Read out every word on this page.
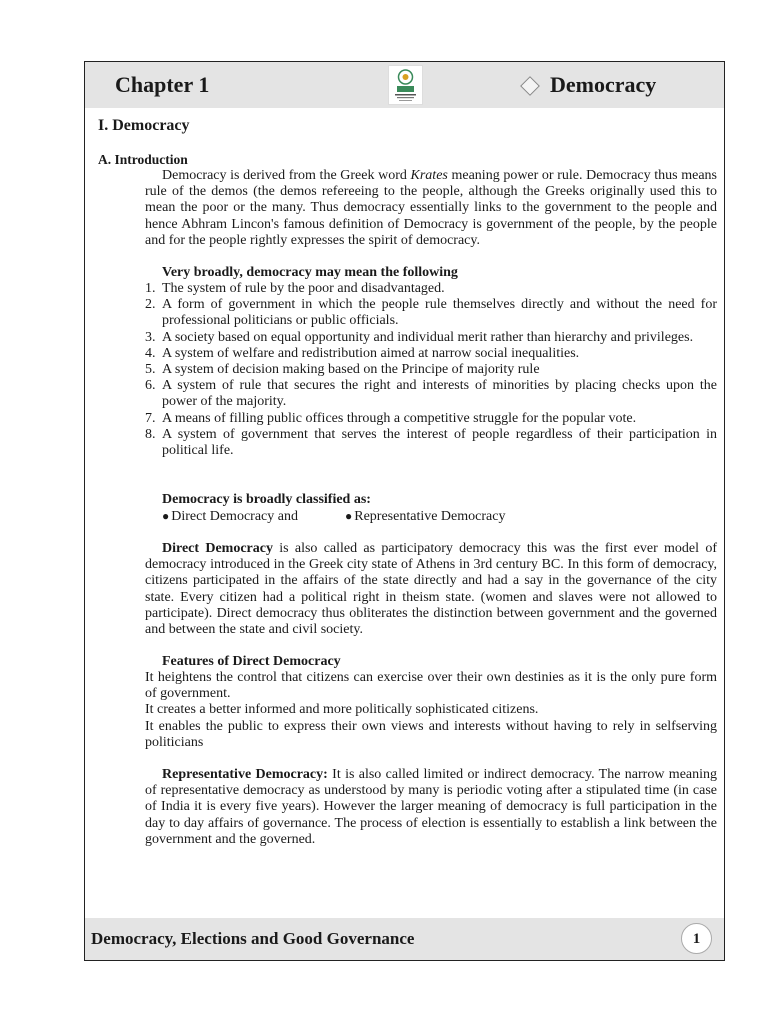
Chapter 1	Democracy
I. Democracy
A. Introduction
Democracy is derived from the Greek word Krates meaning power or rule. Democracy thus means rule of the demos (the demos refereeing to the people, although the Greeks originally used this to mean the poor or the many. Thus democracy essentially links to the government to the people and hence Abhram Lincon's famous definition of Democracy is government of the people, by the people and for the people rightly expresses the spirit of democracy.
Very broadly, democracy may mean the following
1. The system of rule by the poor and disadvantaged.
2. A form of government in which the people rule themselves directly and without the need for professional politicians or public officials.
3. A society based on equal opportunity and individual merit rather than hierarchy and privileges.
4. A system of welfare and redistribution aimed at narrow social inequalities.
5. A system of decision making based on the Principe of majority rule
6. A system of rule that secures the right and interests of minorities by placing checks upon the power of the majority.
7. A means of filling public offices through a competitive struggle for the popular vote.
8. A system of government that serves the interest of people regardless of their participation in political life.
Democracy is broadly classified as:
● Direct Democracy and	● Representative Democracy
Direct Democracy is also called as participatory democracy this was the first ever model of democracy introduced in the Greek city state of Athens in 3rd century BC. In this form of democracy, citizens participated in the affairs of the state directly and had a say in the governance of the city state. Every citizen had a political right in theism state. (women and slaves were not allowed to participate). Direct democracy thus obliterates the distinction between government and the governed and between the state and civil society.
Features of Direct Democracy
It heightens the control that citizens can exercise over their own destinies as it is the only pure form of government.
It creates a better informed and more politically sophisticated citizens.
It enables the public to express their own views and interests without having to rely in selfserving politicians
Representative Democracy: It is also called limited or indirect democracy. The narrow meaning of representative democracy as understood by many is periodic voting after a stipulated time (in case of India it is every five years). However the larger meaning of democracy is full participation in the day to day affairs of governance. The process of election is essentially to establish a link between the government and the governed.
Democracy, Elections and Good Governance	1
